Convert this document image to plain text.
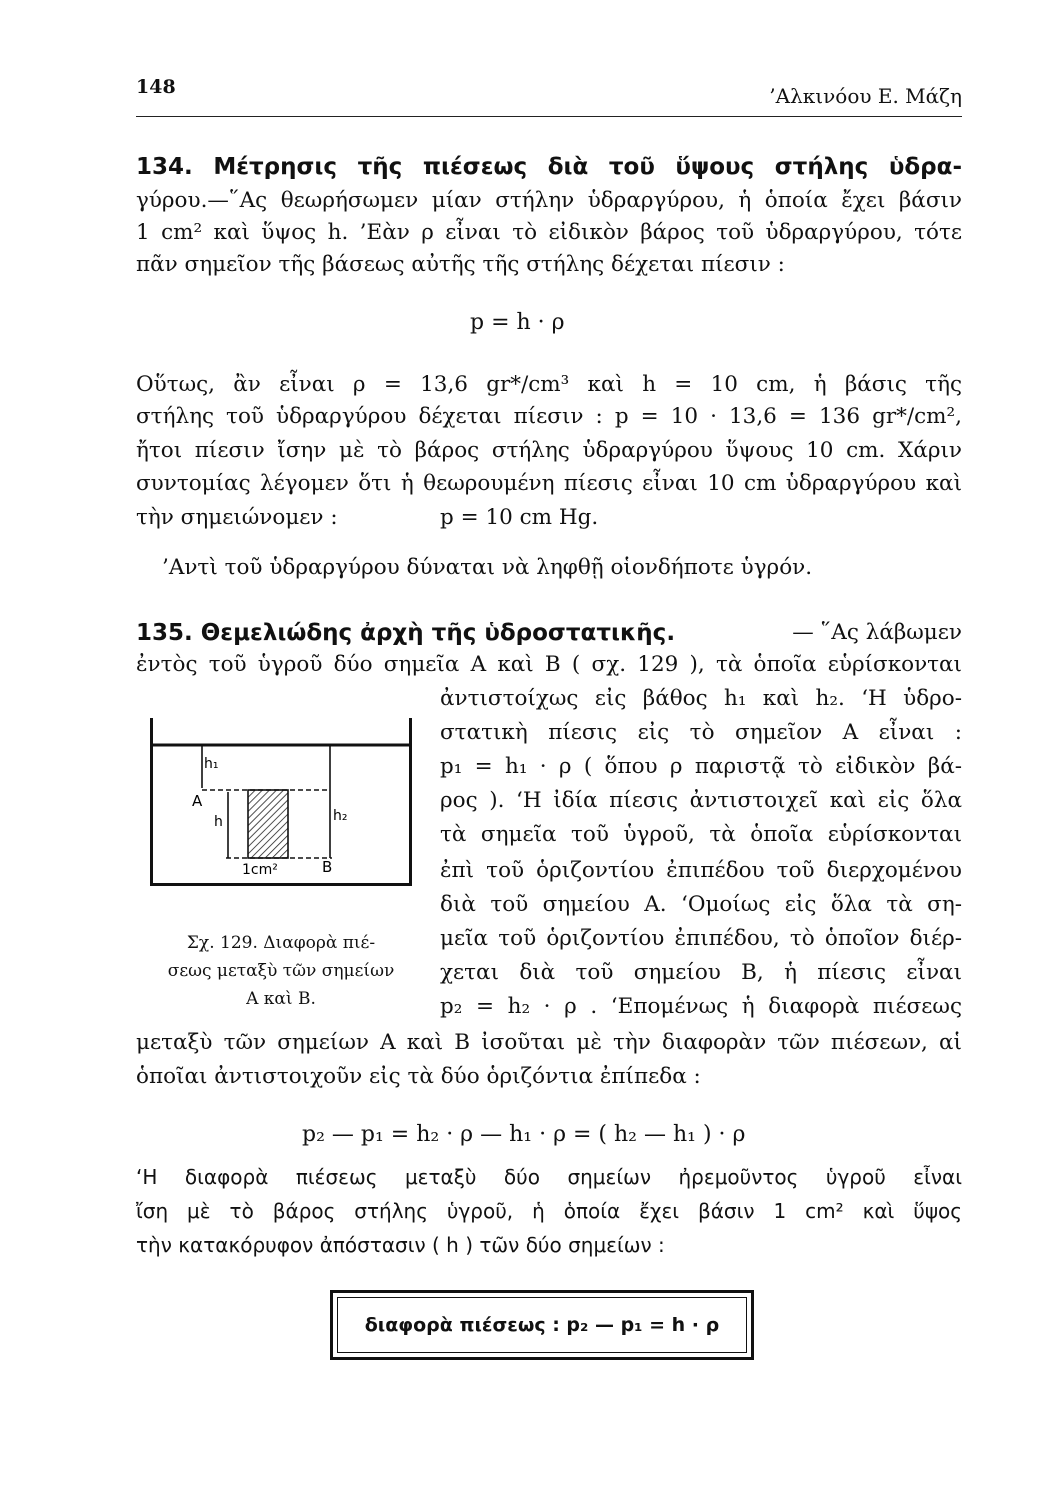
148	’Αλκινόου Ε. Μάζη
134. Μέτρησις τῆς πιέσεως διὰ τοῦ ὕψους στήλης ὑδρα-
γύρου.—῞Ας θεωρήσωμεν μίαν στήλην ὑδραργύρου, ἡ ὁποία ἔχει βάσιν
1 cm² καὶ ὕψος h. ’Εὰν ρ εἶναι τὸ εἰδικὸν βάρος τοῦ ὑδραργύρου, τότε
πᾶν σημεῖον τῆς βάσεως αὐτῆς τῆς στήλης δέχεται πίεσιν :
p = h · ρ
Οὕτως, ἂν εἶναι ρ = 13,6 gr*/cm³ καὶ h = 10 cm, ἡ βάσις τῆς
στήλης τοῦ ὑδραργύρου δέχεται πίεσιν : p = 10 · 13,6 = 136 gr*/cm²,
ἤτοι πίεσιν ἴσην μὲ τὸ βάρος στήλης ὑδραργύρου ὕψους 10 cm. Χάριν
συντομίας λέγομεν ὅτι ἡ θεωρουμένη πίεσις εἶναι 10 cm ὑδραργύρου καὶ
τὴν σημειώνομεν :	p = 10 cm Hg.
’Αντὶ τοῦ ὑδραργύρου δύναται νὰ ληφθῇ οἱονδήποτε ὑγρόν.
135. Θεμελιώδης ἀρχὴ τῆς ὑδροστατικῆς.	— ῞Ας λάβωμεν
ἐντὸς τοῦ ὑγροῦ δύο σημεῖα Α καὶ Β ( σχ. 129 ), τὰ ὁποῖα εὑρίσκονται
ἀντιστοίχως εἰς βάθος h₁ καὶ h₂. ‘Η ὑδρο-
στατικὴ πίεσις εἰς τὸ σημεῖον Α εἶναι :
p₁ = h₁ · ρ ( ὅπου ρ παριστᾷ τὸ εἰδικὸν βά-
ρος ). ‘Η ἰδία πίεσις ἀντιστοιχεῖ καὶ εἰς ὅλα
τὰ σημεῖα τοῦ ὑγροῦ, τὰ ὁποῖα εὑρίσκονται
ἐπὶ τοῦ ὁριζοντίου ἐπιπέδου τοῦ διερχομένου
διὰ τοῦ σημείου Α. ‘Ομοίως εἰς ὅλα τὰ ση-
μεῖα τοῦ ὁριζοντίου ἐπιπέδου, τὸ ὁποῖον διέρ-
χεται διὰ τοῦ σημείου Β, ἡ πίεσις εἶναι
p₂ = h₂ · ρ . ‘Επομένως ἡ διαφορὰ πιέσεως
h₁
A
h	h₂
1cm²	B
Σχ. 129. Διαφορὰ πιέ-
σεως μεταξὺ τῶν σημείων
Α καὶ Β.
μεταξὺ τῶν σημείων Α καὶ Β ἰσοῦται μὲ τὴν διαφορὰν τῶν πιέσεων, αἱ
ὁποῖαι ἀντιστοιχοῦν εἰς τὰ δύο ὁριζόντια ἐπίπεδα :
p₂ — p₁ = h₂ · ρ — h₁ · ρ = ( h₂ — h₁ ) · ρ
‘Η διαφορὰ πιέσεως μεταξὺ δύο σημείων ἠρεμοῦντος ὑγροῦ εἶναι
ἴση μὲ τὸ βάρος στήλης ὑγροῦ, ἡ ὁποία ἔχει βάσιν 1 cm² καὶ ὕψος
τὴν κατακόρυφον ἀπόστασιν ( h ) τῶν δύο σημείων :
διαφορὰ πιέσεως : p₂ — p₁ = h · ρ
